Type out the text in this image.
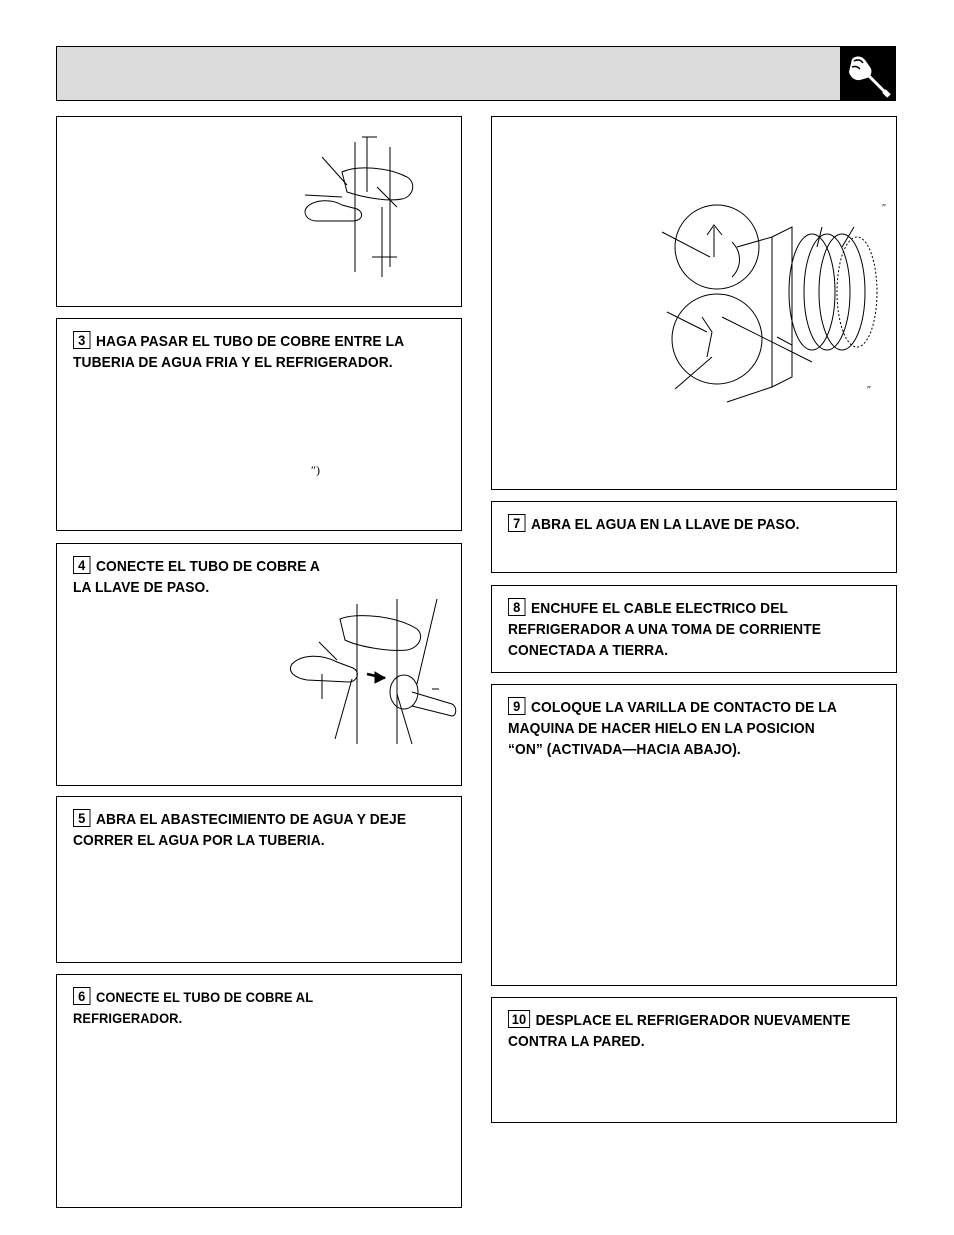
3 HAGA PASAR EL TUBO DE COBRE ENTRE LA TUBERIA DE AGUA FRIA Y EL REFRIGERADOR.
″)
4 CONECTE EL TUBO DE COBRE A LA LLAVE DE PASO.
5 ABRA EL ABASTECIMIENTO DE AGUA Y DEJE CORRER EL AGUA POR LA TUBERIA.
6 CONECTE EL TUBO DE COBRE AL REFRIGERADOR.
″
″
7 ABRA EL AGUA EN LA LLAVE DE PASO.
8 ENCHUFE EL CABLE ELECTRICO DEL REFRIGERADOR A UNA TOMA DE CORRIENTE CONECTADA A TIERRA.
9 COLOQUE LA VARILLA DE CONTACTO DE LA MAQUINA DE HACER HIELO EN LA POSICION “ON” (ACTIVADA—HACIA ABAJO).
10 DESPLACE EL REFRIGERADOR NUEVAMENTE CONTRA LA PARED.
